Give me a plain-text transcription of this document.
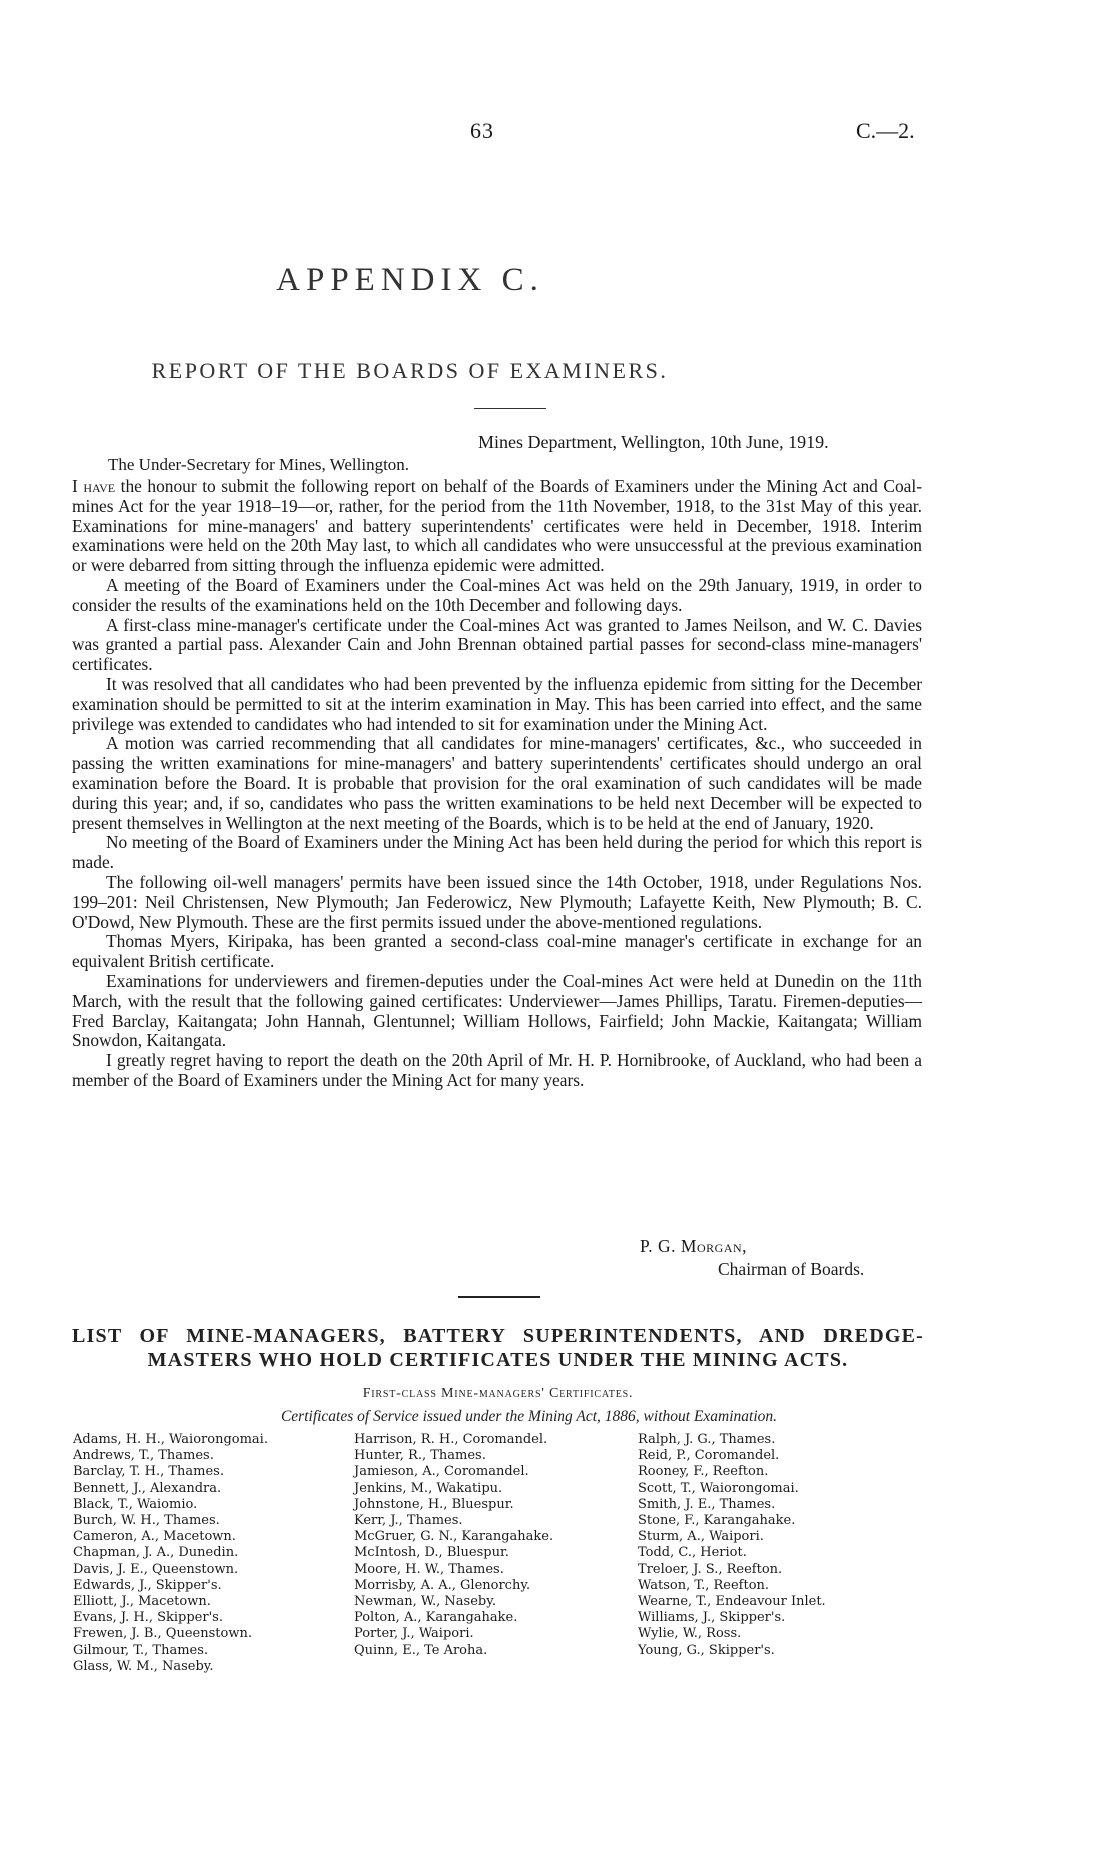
63	C.—2.
APPENDIX C.
REPORT OF THE BOARDS OF EXAMINERS.
Mines Department, Wellington, 10th June, 1919.
The Under-Secretary for Mines, Wellington.

I have the honour to submit the following report on behalf of the Boards of Examiners under the Mining Act and Coal-mines Act for the year 1918–19—or, rather, for the period from the 11th November, 1918, to the 31st May of this year. Examinations for mine-managers' and battery superintendents' certificates were held in December, 1918. Interim examinations were held on the 20th May last, to which all candidates who were unsuccessful at the previous examination or were debarred from sitting through the influenza epidemic were admitted.

A meeting of the Board of Examiners under the Coal-mines Act was held on the 29th January, 1919, in order to consider the results of the examinations held on the 10th December and following days.

A first-class mine-manager's certificate under the Coal-mines Act was granted to James Neilson, and W. C. Davies was granted a partial pass. Alexander Cain and John Brennan obtained partial passes for second-class mine-managers' certificates.

It was resolved that all candidates who had been prevented by the influenza epidemic from sitting for the December examination should be permitted to sit at the interim examination in May. This has been carried into effect, and the same privilege was extended to candidates who had intended to sit for examination under the Mining Act.

A motion was carried recommending that all candidates for mine-managers' certificates, &c., who succeeded in passing the written examinations for mine-managers' and battery superintendents' certificates should undergo an oral examination before the Board. It is probable that provision for the oral examination of such candidates will be made during this year; and, if so, candidates who pass the written examinations to be held next December will be expected to present themselves in Wellington at the next meeting of the Boards, which is to be held at the end of January, 1920.

No meeting of the Board of Examiners under the Mining Act has been held during the period for which this report is made.

The following oil-well managers' permits have been issued since the 14th October, 1918, under Regulations Nos. 199–201: Neil Christensen, New Plymouth; Jan Federowicz, New Plymouth; Lafayette Keith, New Plymouth; B. C. O'Dowd, New Plymouth. These are the first permits issued under the above-mentioned regulations.

Thomas Myers, Kiripaka, has been granted a second-class coal-mine manager's certificate in exchange for an equivalent British certificate.

Examinations for underviewers and firemen-deputies under the Coal-mines Act were held at Dunedin on the 11th March, with the result that the following gained certificates: Underviewer—James Phillips, Taratu. Firemen-deputies—Fred Barclay, Kaitangata; John Hannah, Glentunnel; William Hollows, Fairfield; John Mackie, Kaitangata; William Snowdon, Kaitangata.

I greatly regret having to report the death on the 20th April of Mr. H. P. Hornibrooke, of Auckland, who had been a member of the Board of Examiners under the Mining Act for many years.

P. G. Morgan,
Chairman of Boards.
LIST OF MINE-MANAGERS, BATTERY SUPERINTENDENTS, AND DREDGE-
MASTERS WHO HOLD CERTIFICATES UNDER THE MINING ACTS.
First-class Mine-managers' Certificates.
Certificates of Service issued under the Mining Act, 1886, without Examination.
Adams, H. H., Waiorongomai.
Andrews, T., Thames.
Barclay, T. H., Thames.
Bennett, J., Alexandra.
Black, T., Waiomio.
Burch, W. H., Thames.
Cameron, A., Macetown.
Chapman, J. A., Dunedin.
Davis, J. E., Queenstown.
Edwards, J., Skipper's.
Elliott, J., Macetown.
Evans, J. H., Skipper's.
Frewen, J. B., Queenstown.
Gilmour, T., Thames.
Glass, W. M., Naseby.
Harrison, R. H., Coromandel.
Hunter, R., Thames.
Jamieson, A., Coromandel.
Jenkins, M., Wakatipu.
Johnstone, H., Bluespur.
Kerr, J., Thames.
McGruer, G. N., Karangahake.
McIntosh, D., Bluespur.
Moore, H. W., Thames.
Morrisby, A. A., Glenorchy.
Newman, W., Naseby.
Polton, A., Karangahake.
Porter, J., Waipori.
Quinn, E., Te Aroha.
Ralph, J. G., Thames.
Reid, P., Coromandel.
Rooney, F., Reefton.
Scott, T., Waiorongomai.
Smith, J. E., Thames.
Stone, F., Karangahake.
Sturm, A., Waipori.
Todd, C., Heriot.
Treloer, J. S., Reefton.
Watson, T., Reefton.
Wearne, T., Endeavour Inlet.
Williams, J., Skipper's.
Wylie, W., Ross.
Young, G., Skipper's.
